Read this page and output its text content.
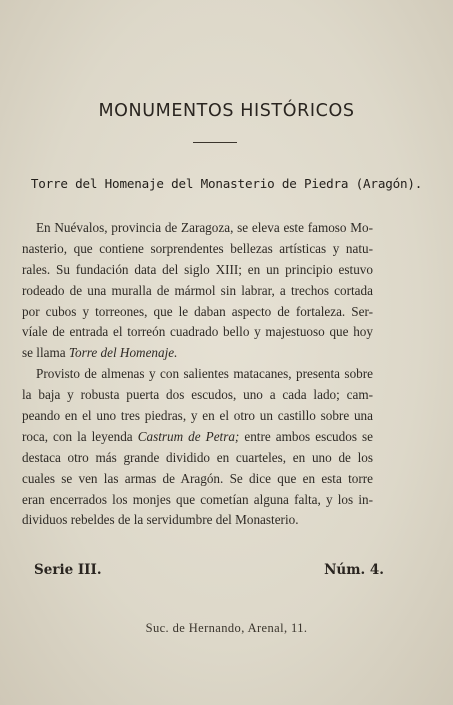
MONUMENTOS HISTÓRICOS
Torre del Homenaje del Monasterio de Piedra (Aragón).
En Nuévalos, provincia de Zaragoza, se eleva este famoso Mo-
nasterio, que contiene sorprendentes bellezas artísticas y natu-
rales. Su fundación data del siglo XIII; en un principio estuvo
rodeado de una muralla de mármol sin labrar, a trechos cortada
por cubos y torreones, que le daban aspecto de fortaleza. Ser-
víale de entrada el torreón cuadrado bello y majestuoso que hoy
se llama Torre del Homenaje.
Provisto de almenas y con salientes matacanes, presenta sobre
la baja y robusta puerta dos escudos, uno a cada lado; cam-
peando en el uno tres piedras, y en el otro un castillo sobre una
roca, con la leyenda Castrum de Petra; entre ambos escudos se
destaca otro más grande dividido en cuarteles, en uno de los
cuales se ven las armas de Aragón. Se dice que en esta torre
eran encerrados los monjes que cometían alguna falta, y los in-
dividuos rebeldes de la servidumbre del Monasterio.
Serie III.	Núm. 4.
Suc. de Hernando, Arenal, 11.
